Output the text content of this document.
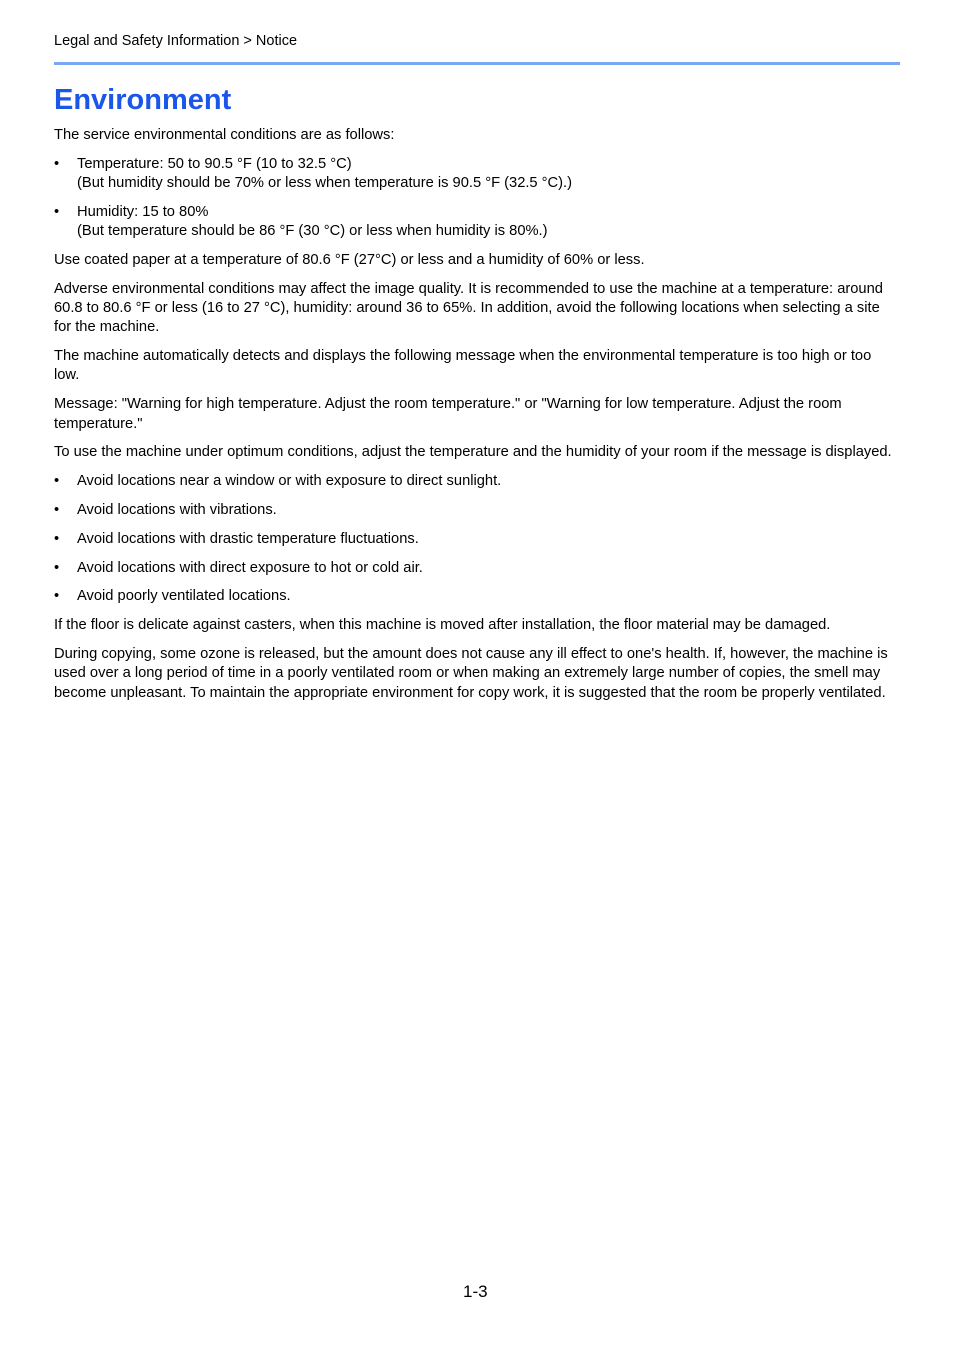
Legal and Safety Information > Notice
Environment

The service environmental conditions are as follows:

• Temperature: 50 to 90.5 °F (10 to 32.5 °C)
(But humidity should be 70% or less when temperature is 90.5 °F (32.5 °C).)
• Humidity: 15 to 80%
(But temperature should be 86 °F (30 °C) or less when humidity is 80%.)

Use coated paper at a temperature of 80.6 °F (27°C) or less and a humidity of 60% or less.

Adverse environmental conditions may affect the image quality. It is recommended to use the machine at a temperature: around 60.8 to 80.6 °F or less (16 to 27 °C), humidity: around 36 to 65%. In addition, avoid the following locations when selecting a site for the machine.

The machine automatically detects and displays the following message when the environmental temperature is too high or too low.

Message: "Warning for high temperature. Adjust the room temperature." or "Warning for low temperature. Adjust the room temperature."

To use the machine under optimum conditions, adjust the temperature and the humidity of your room if the message is displayed.

• Avoid locations near a window or with exposure to direct sunlight.
• Avoid locations with vibrations.
• Avoid locations with drastic temperature fluctuations.
• Avoid locations with direct exposure to hot or cold air.
• Avoid poorly ventilated locations.

If the floor is delicate against casters, when this machine is moved after installation, the floor material may be damaged.

During copying, some ozone is released, but the amount does not cause any ill effect to one's health. If, however, the machine is used over a long period of time in a poorly ventilated room or when making an extremely large number of copies, the smell may become unpleasant. To maintain the appropriate environment for copy work, it is suggested that the room be properly ventilated.

1-3
